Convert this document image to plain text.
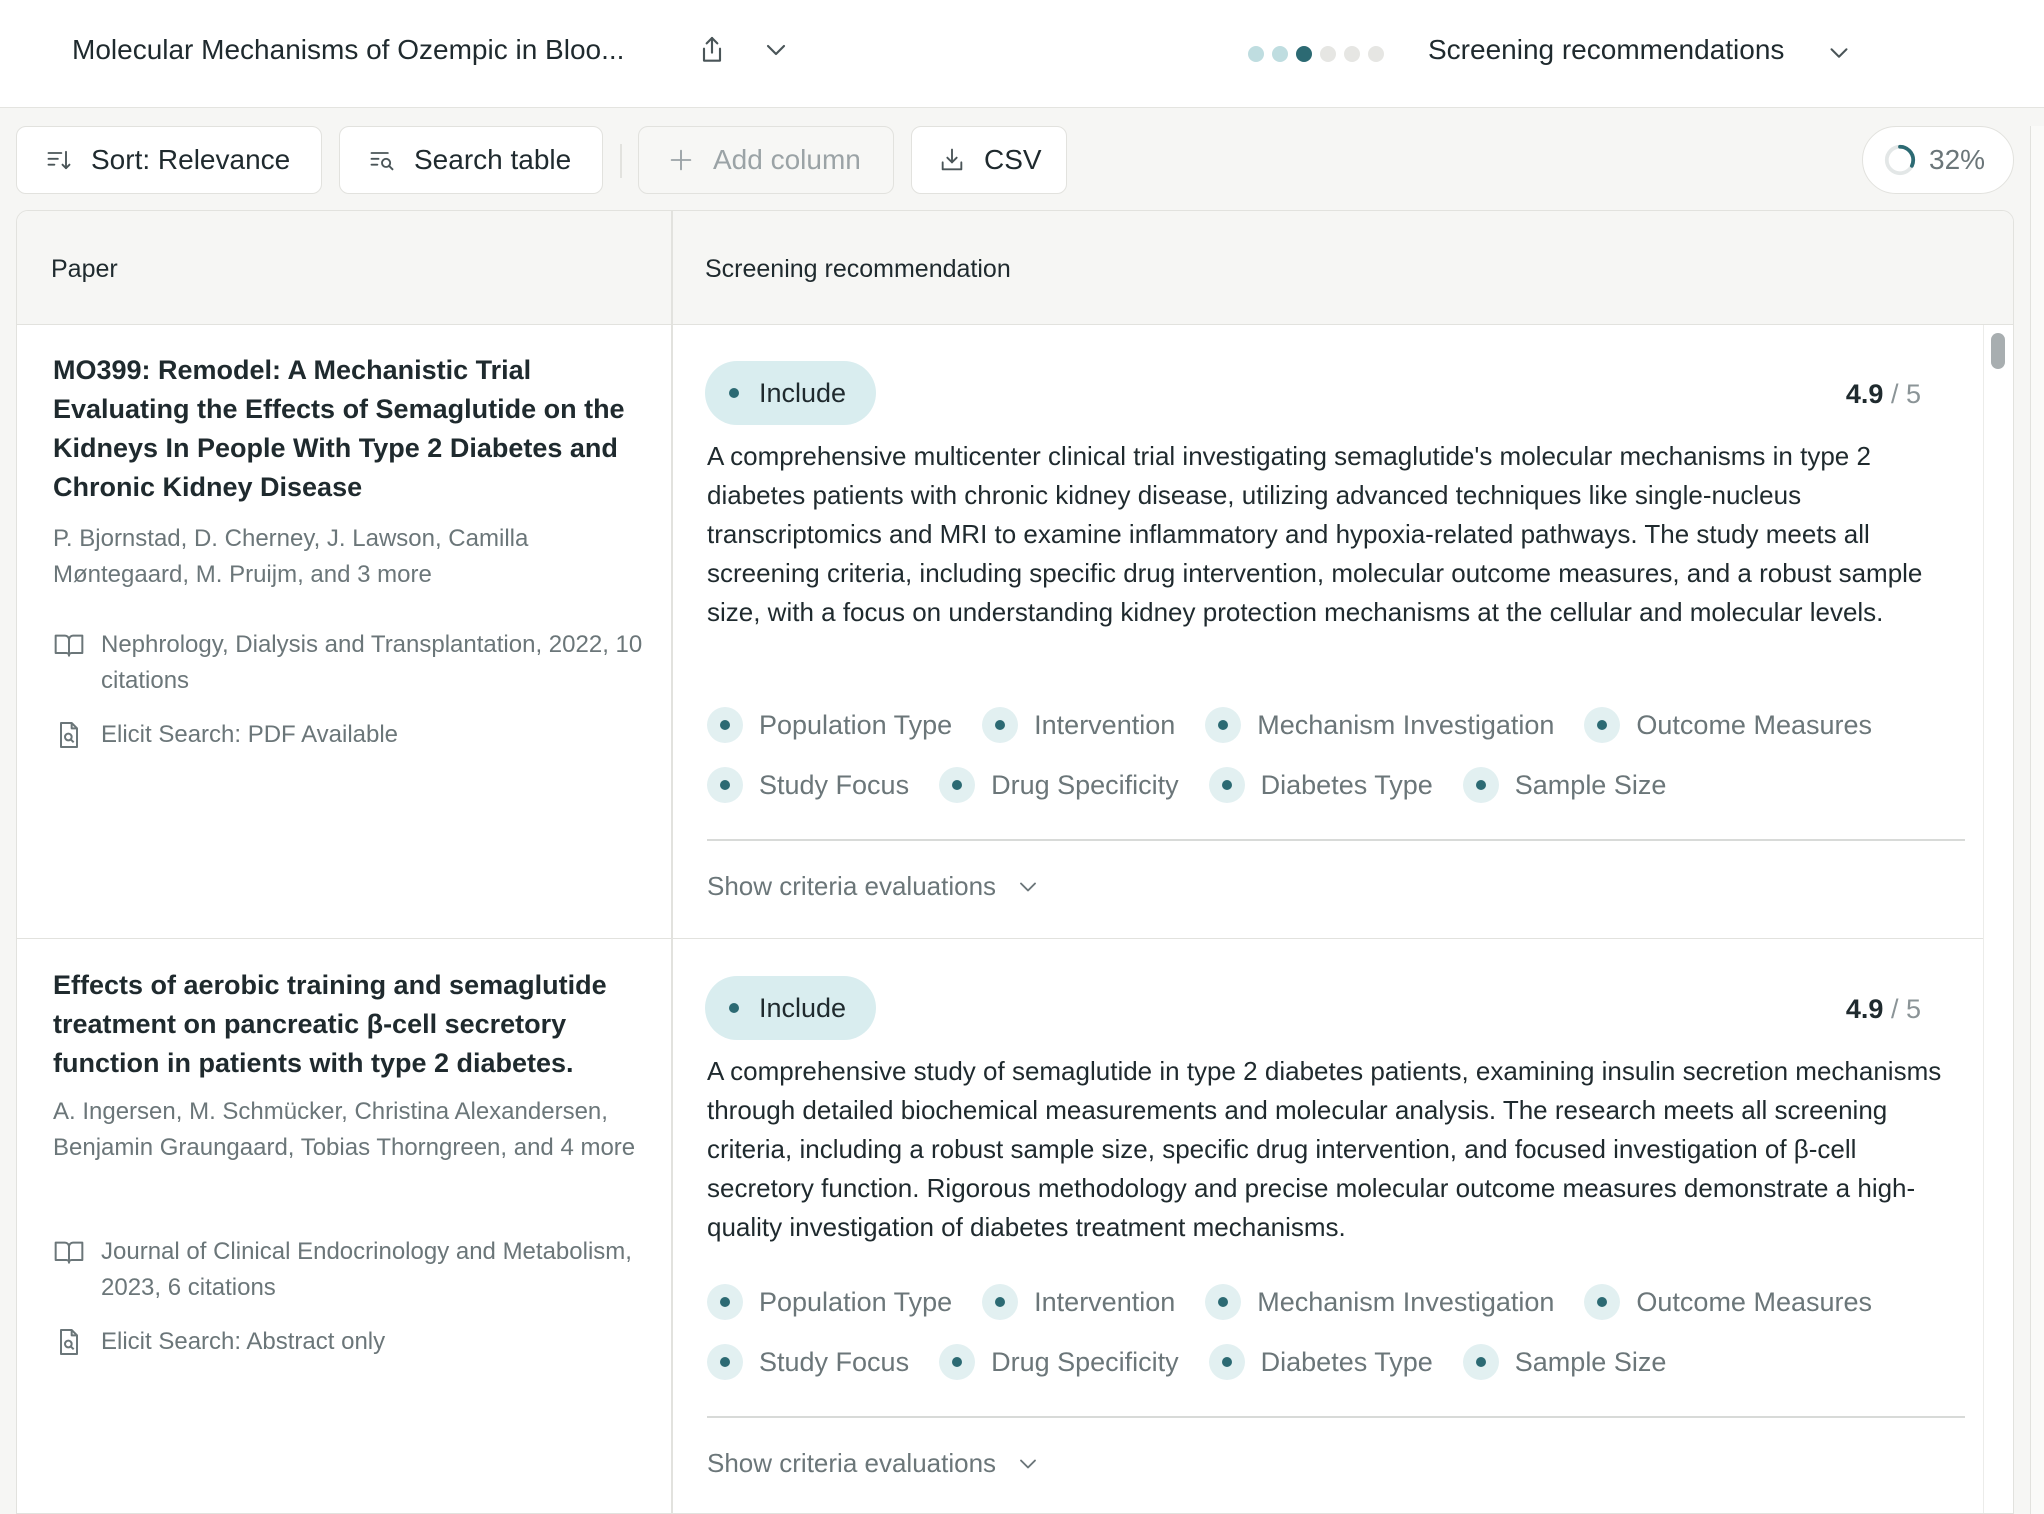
Molecular Mechanisms of Ozempic in Bloo...	Screening recommendations
Sort: Relevance	Search table	Add column	CSV	32%
Paper	Screening recommendation
MO399: Remodel: A Mechanistic Trial Evaluating the Effects of Semaglutide on the Kidneys In People With Type 2 Diabetes and Chronic Kidney Disease
P. Bjornstad, D. Cherney, J. Lawson, Camilla Møntegaard, M. Pruijm, and 3 more
Nephrology, Dialysis and Transplantation, 2022, 10 citations
Elicit Search: PDF Available
Include	4.9 / 5
A comprehensive multicenter clinical trial investigating semaglutide's molecular mechanisms in type 2 diabetes patients with chronic kidney disease, utilizing advanced techniques like single-nucleus transcriptomics and MRI to examine inflammatory and hypoxia-related pathways. The study meets all screening criteria, including specific drug intervention, molecular outcome measures, and a robust sample size, with a focus on understanding kidney protection mechanisms at the cellular and molecular levels.
Population Type	Intervention	Mechanism Investigation	Outcome Measures
Study Focus	Drug Specificity	Diabetes Type	Sample Size
Show criteria evaluations
Effects of aerobic training and semaglutide treatment on pancreatic β-cell secretory function in patients with type 2 diabetes.
A. Ingersen, M. Schmücker, Christina Alexandersen, Benjamin Graungaard, Tobias Thorngreen, and 4 more
Journal of Clinical Endocrinology and Metabolism, 2023, 6 citations
Elicit Search: Abstract only
Include	4.9 / 5
A comprehensive study of semaglutide in type 2 diabetes patients, examining insulin secretion mechanisms through detailed biochemical measurements and molecular analysis. The research meets all screening criteria, including a robust sample size, specific drug intervention, and focused investigation of β-cell secretory function. Rigorous methodology and precise molecular outcome measures demonstrate a high-quality investigation of diabetes treatment mechanisms.
Population Type	Intervention	Mechanism Investigation	Outcome Measures
Study Focus	Drug Specificity	Diabetes Type	Sample Size
Show criteria evaluations
